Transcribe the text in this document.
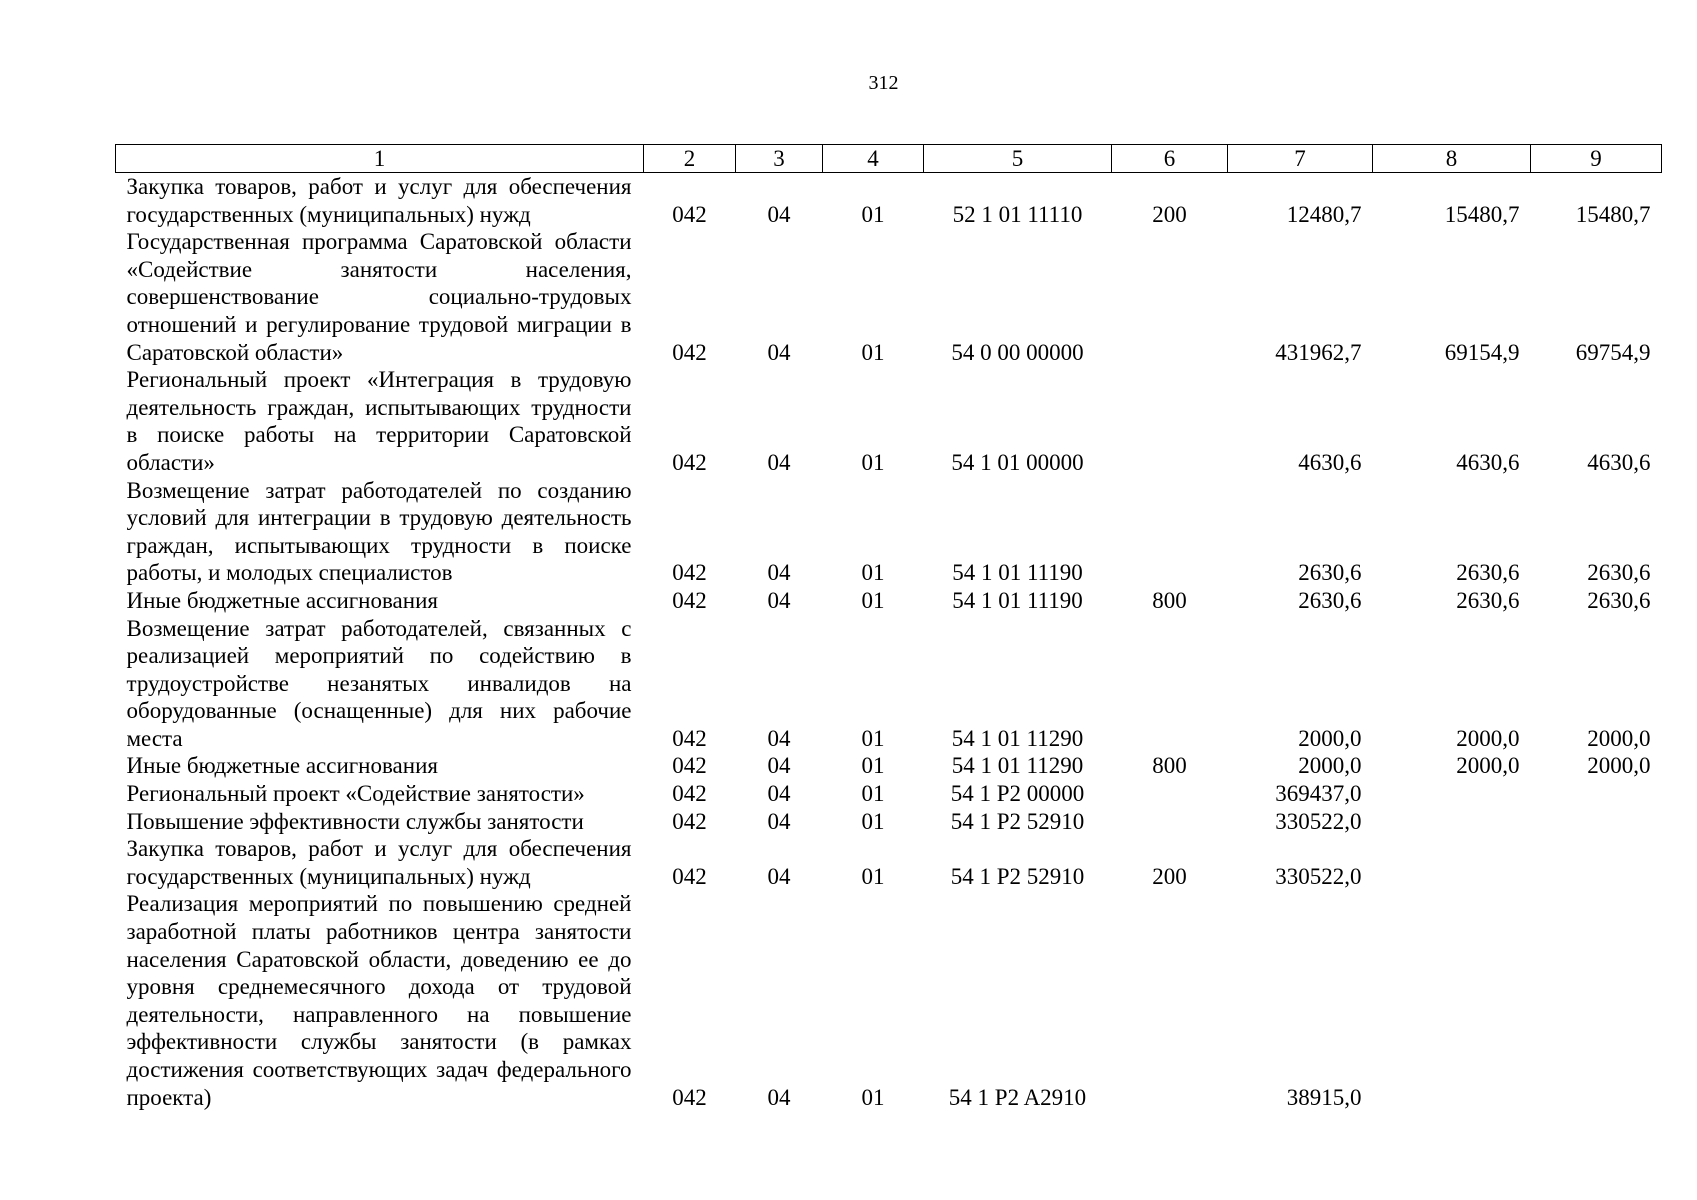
312
1	2	3	4	5	6	7	8	9
Закупка товаров, работ и услуг для обеспечения государственных (муниципальных) нужд	042	04	01	52 1 01 11110	200	12480,7	15480,7	15480,7
Государственная программа Саратовской области «Содействие занятости населения, совершенствование социально-трудовых отношений и регулирование трудовой миграции в Саратовской области»	042	04	01	54 0 00 00000		431962,7	69154,9	69754,9
Региональный проект «Интеграция в трудовую деятельность граждан, испытывающих трудности в поиске работы на территории Саратовской области»	042	04	01	54 1 01 00000		4630,6	4630,6	4630,6
Возмещение затрат работодателей по созданию условий для интеграции в трудовую деятельность граждан, испытывающих трудности в поиске работы, и молодых специалистов	042	04	01	54 1 01 11190		2630,6	2630,6	2630,6
Иные бюджетные ассигнования	042	04	01	54 1 01 11190	800	2630,6	2630,6	2630,6
Возмещение затрат работодателей, связанных с реализацией мероприятий по содействию в трудоустройстве незанятых инвалидов на оборудованные (оснащенные) для них рабочие места	042	04	01	54 1 01 11290		2000,0	2000,0	2000,0
Иные бюджетные ассигнования	042	04	01	54 1 01 11290	800	2000,0	2000,0	2000,0
Региональный проект «Содействие занятости»	042	04	01	54 1 P2 00000		369437,0		
Повышение эффективности службы занятости	042	04	01	54 1 P2 52910		330522,0		
Закупка товаров, работ и услуг для обеспечения государственных (муниципальных) нужд	042	04	01	54 1 P2 52910	200	330522,0		
Реализация мероприятий по повышению средней заработной платы работников центра занятости населения Саратовской области, доведению ее до уровня среднемесячного дохода от трудовой деятельности, направленного на повышение эффективности службы занятости (в рамках достижения соответствующих задач федерального проекта)	042	04	01	54 1 P2 A2910		38915,0		
